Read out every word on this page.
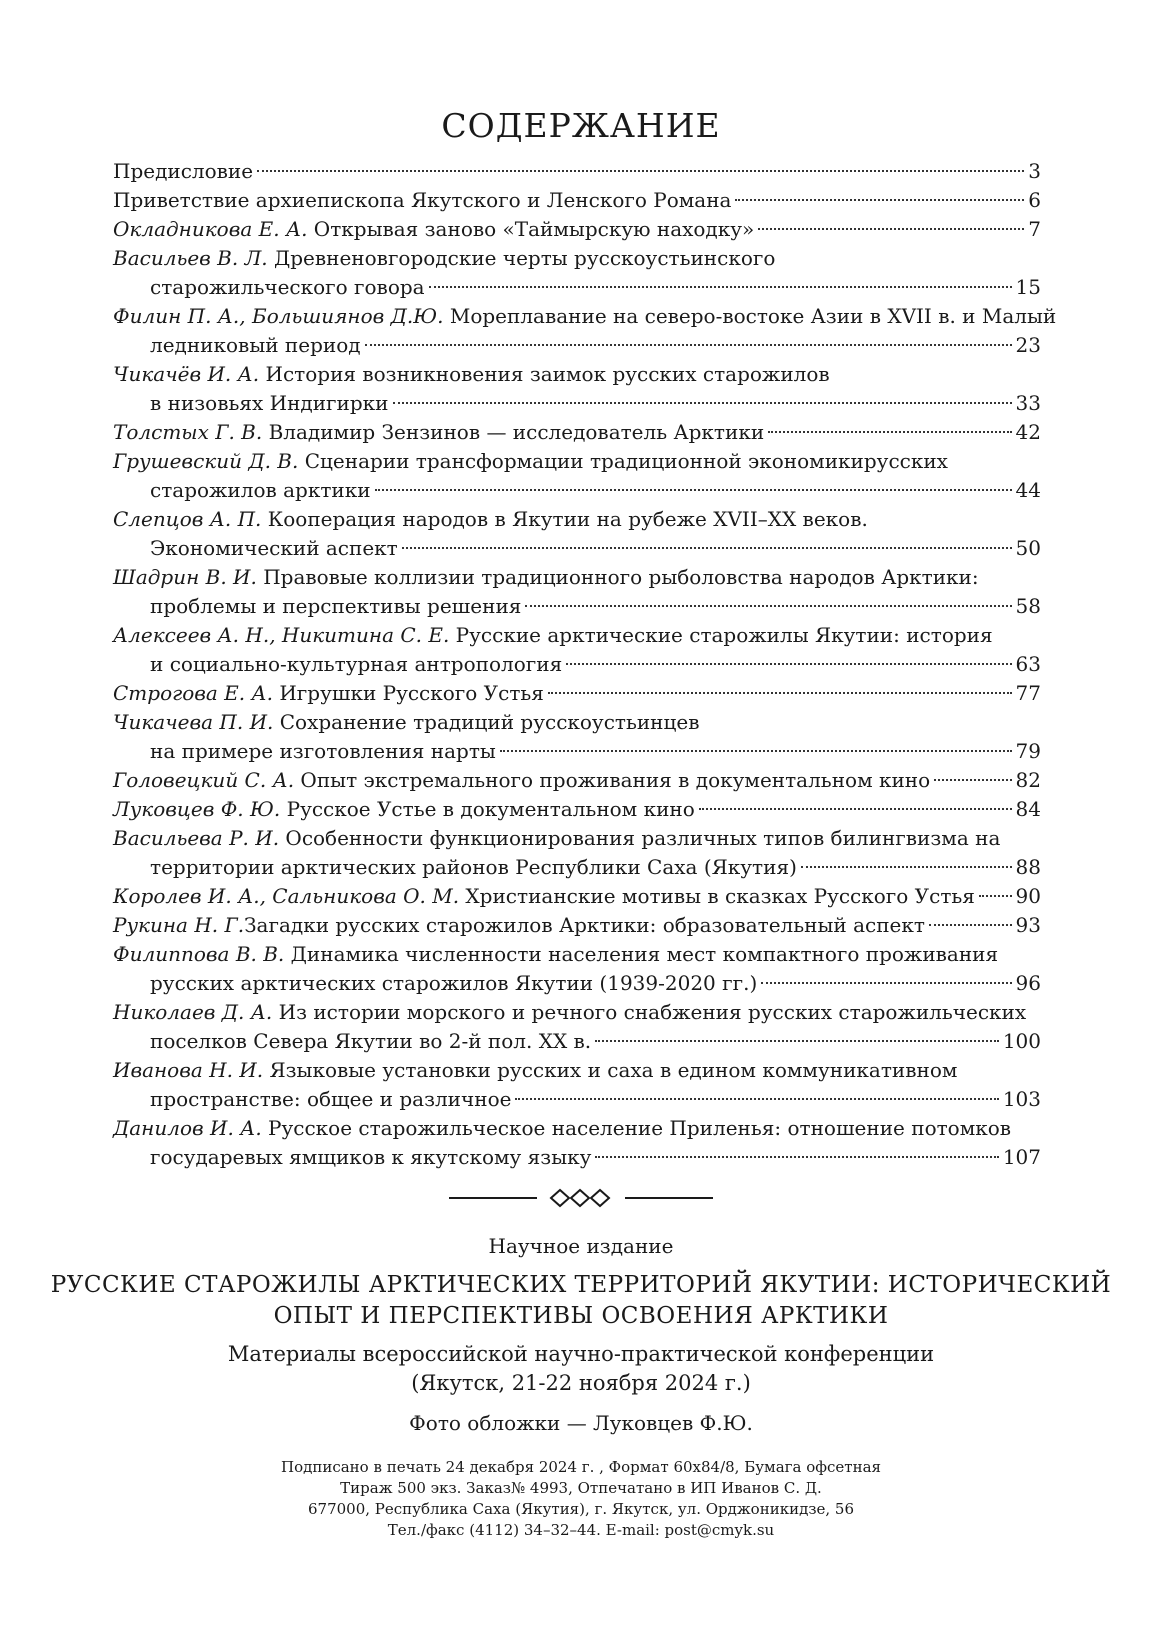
СОДЕРЖАНИЕ
Предисловие	3
Приветствие архиепископа Якутского и Ленского Романа	6
Окладникова Е. А. Открывая заново «Таймырскую находку»	7
Васильев В. Л. Древненовгородские черты русскоустьинского
старожильческого говора	15
Филин П. А., Большиянов Д.Ю. Мореплавание на северо-востоке Азии в XVII в. и Малый
ледниковый период	23
Чикачёв И. А. История возникновения заимок русских старожилов
в низовьях Индигирки	33
Толстых Г. В. Владимир Зензинов — исследователь Арктики	42
Грушевский Д. В. Сценарии трансформации традиционной экономикирусских
старожилов арктики	44
Слепцов А. П. Кооперация народов в Якутии на рубеже XVII–XX веков.
Экономический аспект	50
Шадрин В. И. Правовые коллизии традиционного рыболовства народов Арктики:
проблемы и перспективы решения	58
Алексеев А. Н., Никитина С. Е. Русские арктические старожилы Якутии: история
и социально-культурная антропология	63
Строгова Е. А. Игрушки Русского Устья	77
Чикачева П. И. Сохранение традиций русскоустьинцев
на примере изготовления нарты	79
Головецкий С. А. Опыт экстремального проживания в документальном кино	82
Луковцев Ф. Ю. Русское Устье в документальном кино	84
Васильева Р. И. Особенности функционирования различных типов билингвизма на
территории арктических районов Республики Саха (Якутия)	88
Королев И. А., Сальникова О. М. Христианские мотивы в сказках Русского Устья 90
Рукина Н. Г.Загадки русских старожилов Арктики: образовательный аспект	93
Филиппова В. В. Динамика численности населения мест компактного проживания
русских арктических старожилов Якутии (1939-2020 гг.)	96
Николаев Д. А. Из истории морского и речного снабжения русских старожильческих
поселков Севера Якутии во 2-й пол. XX в.	100
Иванова Н. И. Языковые установки русских и саха в едином коммуникативном
пространстве: общее и различное	103
Данилов И. А. Русское старожильческое население Приленья: отношение потомков
государевых ямщиков к якутскому языку	107
Научное издание
РУССКИЕ СТАРОЖИЛЫ АРКТИЧЕСКИХ ТЕРРИТОРИЙ ЯКУТИИ: ИСТОРИЧЕСКИЙ
ОПЫТ И ПЕРСПЕКТИВЫ ОСВОЕНИЯ АРКТИКИ
Материалы всероссийской научно-практической конференции
(Якутск, 21-22 ноября 2024 г.)
Фото обложки — Луковцев Ф.Ю.
Подписано в печать 24 декабря 2024 г. , Формат 60х84/8, Бумага офсетная
Тираж 500 экз. Заказ№ 4993, Отпечатано в ИП Иванов С. Д.
677000, Республика Саха (Якутия), г. Якутск, ул. Орджоникидзе, 56
Тел./факс (4112) 34–32–44. E-mail: post@cmyk.su
